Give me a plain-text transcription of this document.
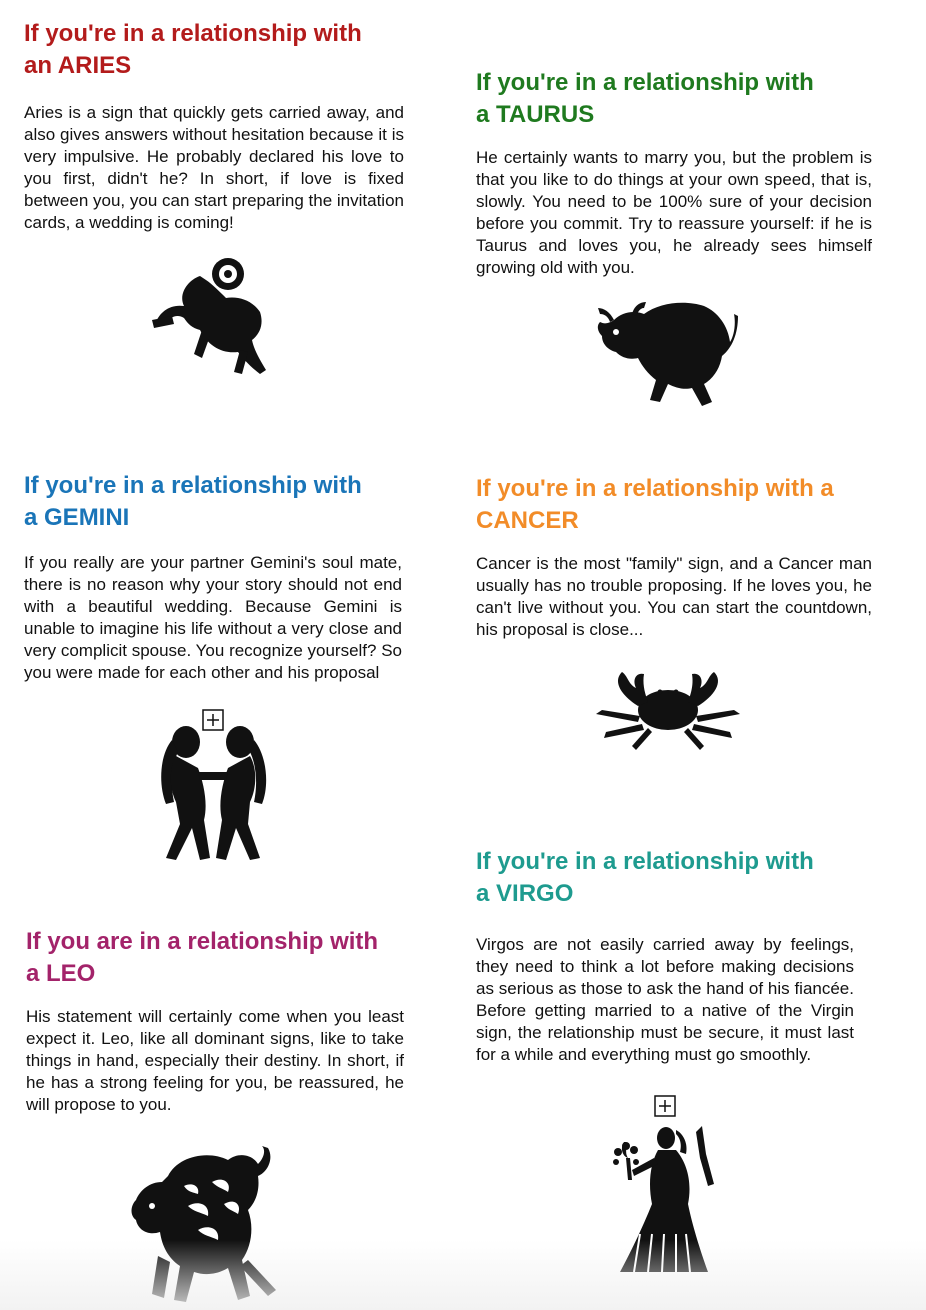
If you're in a relationship with
an ARIES

Aries is a sign that quickly gets carried away, and also gives answers without hesitation because it is very impulsive. He probably declared his love to you first, didn't he? In short, if love is fixed between you, you can start preparing the invitation cards, a wedding is coming!

If you're in a relationship with
a TAURUS

He certainly wants to marry you, but the problem is that you like to do things at your own speed, that is, slowly. You need to be 100% sure of your decision before you commit. Try to reassure yourself: if he is Taurus and loves you, he already sees himself growing old with you.

If you're in a relationship with
a GEMINI

If you really are your partner Gemini's soul mate, there is no reason why your story should not end with a beautiful wedding. Because Gemini is unable to imagine his life without a very close and very complicit spouse. You recognize yourself? So you were made for each other and his proposal

If you're in a relationship with a
CANCER

Cancer is the most "family" sign, and a Cancer man usually has no trouble proposing. If he loves you, he can't live without you. You can start the countdown, his proposal is close...

If you're in a relationship with
a VIRGO

Virgos are not easily carried away by feelings, they need to think a lot before making decisions as serious as those to ask the hand of his fiancée. Before getting married to a native of the Virgin sign, the relationship must be secure, it must last for a while and everything must go smoothly.

If you are in a relationship with
a LEO

His statement will certainly come when you least expect it. Leo, like all dominant signs, like to take things in hand, especially their destiny. In short, if he has a strong feeling for you, be reassured, he will propose to you.
